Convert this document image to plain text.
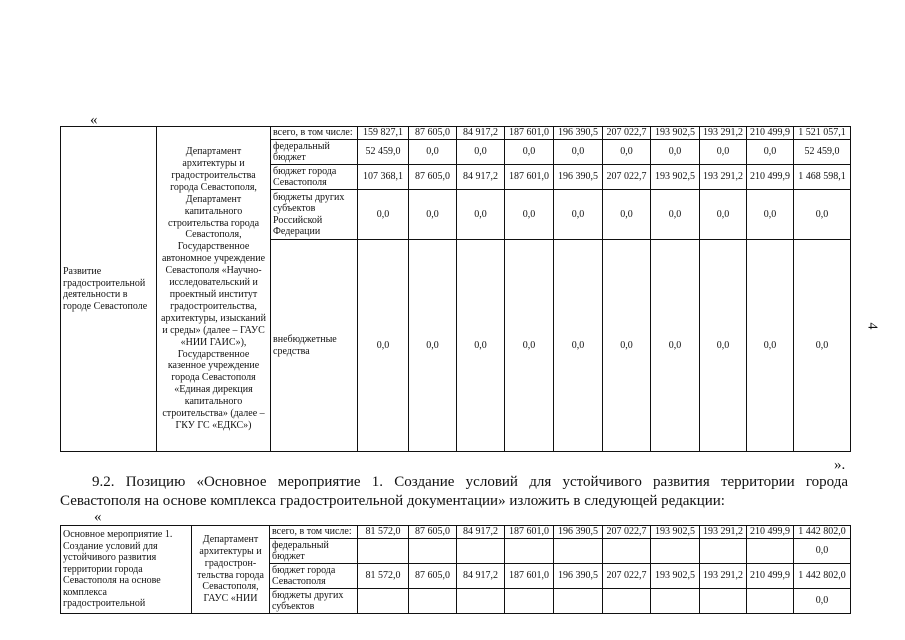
«
Развитие градостроительной деятельности в городе Севастополе	Департамент архитектуры и градостроительства города Севастополя, Департамент капитального строительства города Севастополя, Государственное автономное учреждение Севастополя «Научно-исследовательский и проектный институт градостроительства, архитектуры, изысканий и среды» (далее – ГАУС «НИИ ГАИС»), Государственное казенное учреждение города Севастополя «Единая дирекция капитального строительства» (далее – ГКУ ГС «ЕДКС»)	всего, в том числе:	159 827,1	87 605,0	84 917,2	187 601,0	196 390,5	207 022,7	193 902,5	193 291,2	210 499,9	1 521 057,1
		федеральный бюджет	52 459,0	0,0	0,0	0,0	0,0	0,0	0,0	0,0	0,0	52 459,0
		бюджет города Севастополя	107 368,1	87 605,0	84 917,2	187 601,0	196 390,5	207 022,7	193 902,5	193 291,2	210 499,9	1 468 598,1
		бюджеты других субъектов Российской Федерации	0,0	0,0	0,0	0,0	0,0	0,0	0,0	0,0	0,0	0,0
		внебюджетные средства	0,0	0,0	0,0	0,0	0,0	0,0	0,0	0,0	0,0	0,0
».
9.2. Позицию «Основное мероприятие 1. Создание условий для устойчивого развития территории города Севастополя на основе комплекса градостроительной документации» изложить в следующей редакции:
«
Основное мероприятие 1. Создание условий для устойчивого развития территории города Севастополя на основе комплекса градостроительной	Департамент архитектуры и градострон-тельства города Севастополя, ГАУС «НИИ	всего, в том числе:	81 572,0	87 605,0	84 917,2	187 601,0	196 390,5	207 022,7	193 902,5	193 291,2	210 499,9	1 442 802,0
		федеральный бюджет										0,0
		бюджет города Севастополя	81 572,0	87 605,0	84 917,2	187 601,0	196 390,5	207 022,7	193 902,5	193 291,2	210 499,9	1 442 802,0
		бюджеты других субъектов										0,0
4
